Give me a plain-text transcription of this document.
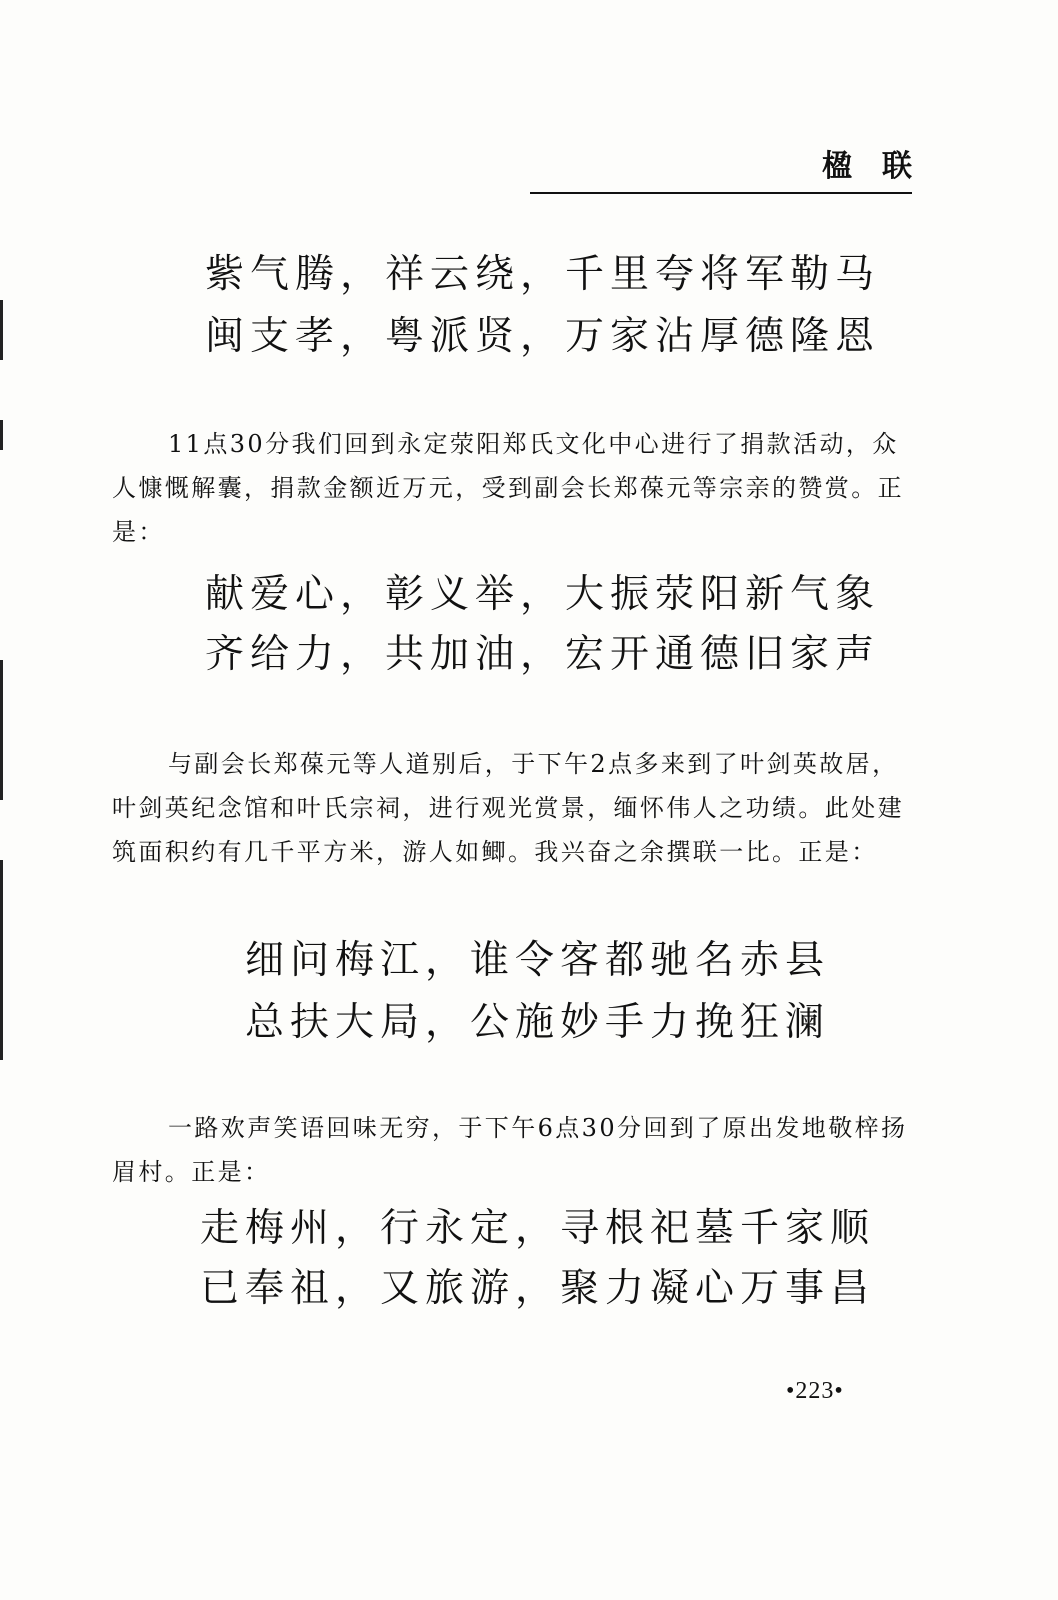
楹联
紫气腾，祥云绕，千里夸将军勒马
闽支孝，粤派贤，万家沾厚德隆恩

11点30分我们回到永定荥阳郑氏文化中心进行了捐款活动，众人慷慨解囊，捐款金额近万元，受到副会长郑葆元等宗亲的赞赏。正是：

献爱心，彰义举，大振荥阳新气象
齐给力，共加油，宏开通德旧家声

与副会长郑葆元等人道别后，于下午2点多来到了叶剑英故居，叶剑英纪念馆和叶氏宗祠，进行观光赏景，缅怀伟人之功绩。此处建筑面积约有几千平方米，游人如鲫。我兴奋之余撰联一比。正是：

细问梅江，谁令客都驰名赤县
总扶大局，公施妙手力挽狂澜

一路欢声笑语回味无穷，于下午6点30分回到了原出发地敬梓扬眉村。正是：

走梅州，行永定，寻根祀墓千家顺
已奉祖，又旅游，聚力凝心万事昌
•223•
